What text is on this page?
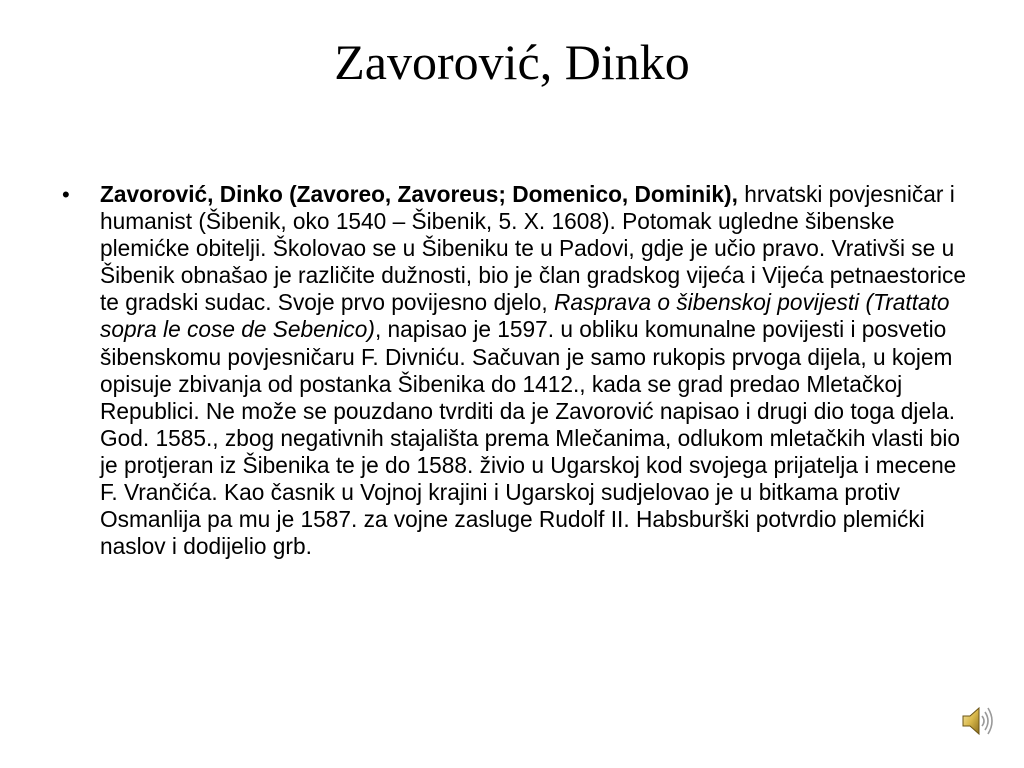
Zavorović, Dinko
• Zavorović, Dinko (Zavoreo, Zavoreus; Domenico, Dominik), hrvatski povjesničar i humanist (Šibenik, oko 1540 – Šibenik, 5. X. 1608). Potomak ugledne šibenske plemićke obitelji. Školovao se u Šibeniku te u Padovi, gdje je učio pravo. Vrativši se u Šibenik obnašao je različite dužnosti, bio je član gradskog vijeća i Vijeća petnaestorice te gradski sudac. Svoje prvo povijesno djelo, Rasprava o šibenskoj povijesti (Trattato sopra le cose de Sebenico), napisao je 1597. u obliku komunalne povijesti i posvetio šibenskomu povjesničaru F. Divniću. Sačuvan je samo rukopis prvoga dijela, u kojem opisuje zbivanja od postanka Šibenika do 1412., kada se grad predao Mletačkoj Republici. Ne može se pouzdano tvrditi da je Zavorović napisao i drugi dio toga djela. God. 1585., zbog negativnih stajališta prema Mlečanima, odlukom mletačkih vlasti bio je protjeran iz Šibenika te je do 1588. živio u Ugarskoj kod svojega prijatelja i mecene F. Vrančića. Kao časnik u Vojnoj krajini i Ugarskoj sudjelovao je u bitkama protiv Osmanlija pa mu je 1587. za vojne zasluge Rudolf II. Habsburški potvrdio plemićki naslov i dodijelio grb.
